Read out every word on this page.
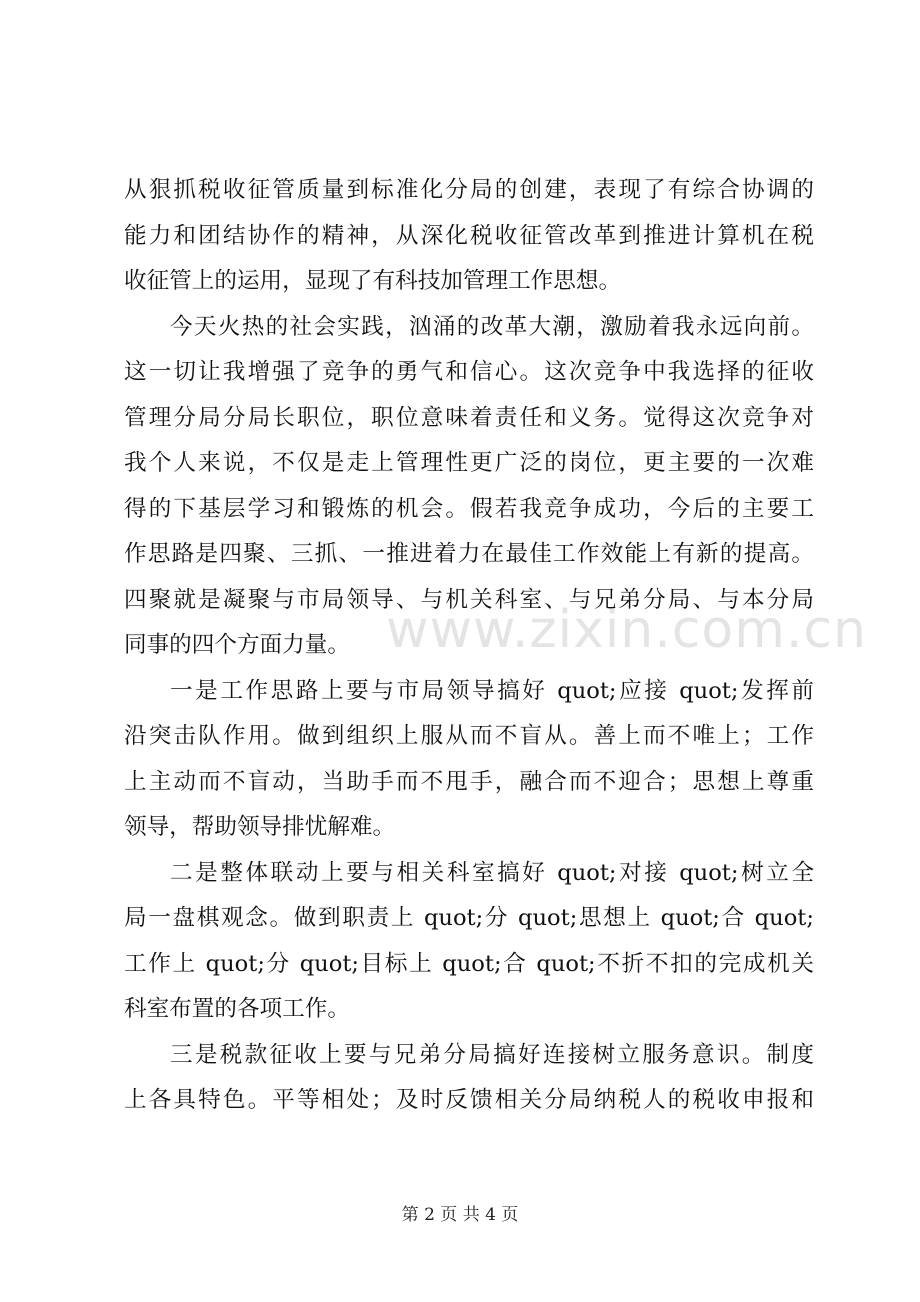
www.zixin.com.cn
从狠抓税收征管质量到标准化分局的创建，表现了有综合协调的
能力和团结协作的精神，从深化税收征管改革到推进计算机在税
收征管上的运用，显现了有科技加管理工作思想。
今天火热的社会实践，汹涌的改革大潮，激励着我永远向前。
这一切让我增强了竞争的勇气和信心。这次竞争中我选择的征收
管理分局分局长职位，职位意味着责任和义务。觉得这次竞争对
我个人来说，不仅是走上管理性更广泛的岗位，更主要的一次难
得的下基层学习和锻炼的机会。假若我竞争成功，今后的主要工
作思路是四聚、三抓、一推进着力在最佳工作效能上有新的提高。
四聚就是凝聚与市局领导、与机关科室、与兄弟分局、与本分局
同事的四个方面力量。
一是工作思路上要与市局领导搞好 quot;应接 quot;发挥前
沿突击队作用。做到组织上服从而不盲从。善上而不唯上；工作
上主动而不盲动，当助手而不甩手，融合而不迎合；思想上尊重
领导，帮助领导排忧解难。
二是整体联动上要与相关科室搞好 quot;对接 quot;树立全
局一盘棋观念。做到职责上 quot;分 quot;思想上 quot;合 quot;
工作上 quot;分 quot;目标上 quot;合 quot;不折不扣的完成机关
科室布置的各项工作。
三是税款征收上要与兄弟分局搞好连接树立服务意识。制度
上各具特色。平等相处；及时反馈相关分局纳税人的税收申报和
第 2 页 共 4 页
